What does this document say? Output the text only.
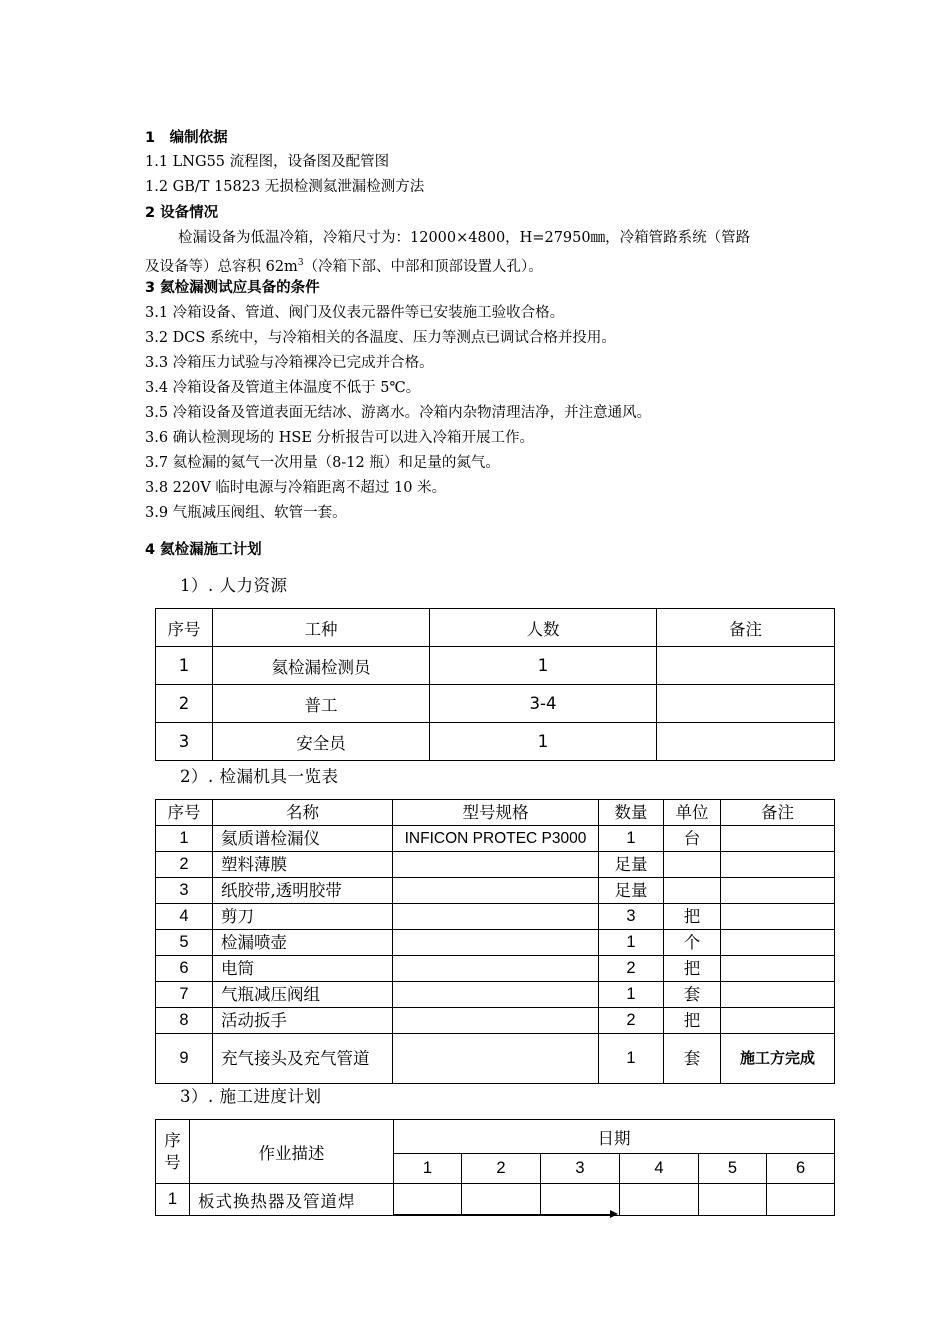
1　编制依据
1.1 LNG55 流程图，设备图及配管图
1.2 GB/T 15823 无损检测氦泄漏检测方法
2 设备情况
检漏设备为低温冷箱，冷箱尺寸为：12000×4800，H=27950㎜，冷箱管路系统（管路
及设备等）总容积 $62m^3$（冷箱下部、中部和顶部设置人孔）。
3 氦检漏测试应具备的条件
3.1 冷箱设备、管道、阀门及仪表元器件等已安装施工验收合格。
3.2 DCS 系统中，与冷箱相关的各温度、压力等测点已调试合格并投用。
3.3 冷箱压力试验与冷箱裸冷已完成并合格。
3.4 冷箱设备及管道主体温度不低于 5℃。
3.5 冷箱设备及管道表面无结冰、游离水。冷箱内杂物清理洁净，并注意通风。
3.6 确认检测现场的 HSE 分析报告可以进入冷箱开展工作。
3.7 氦检漏的氦气一次用量（8-12 瓶）和足量的氮气。
3.8 220V 临时电源与冷箱距离不超过 10 米。
3.9 气瓶减压阀组、软管一套。
4 氦检漏施工计划
1）. 人力资源
序号	工种	人数	备注
1	氦检漏检测员	1	
2	普工	3-4	
3	安全员	1	
2）. 检漏机具一览表
序号	名称	型号规格	数量	单位	备注
1	氦质谱检漏仪	INFICON PROTEC P3000	1	台	
2	塑料薄膜		足量		
3	纸胶带,透明胶带		足量		
4	剪刀		3	把	
5	检漏喷壶		1	个	
6	电筒		2	把	
7	气瓶减压阀组		1	套	
8	活动扳手		2	把	
9	充气接头及充气管道		1	套	施工方完成
3）. 施工进度计划
序号	作业描述	日期					
		1	2	3	4	5	6
1	板式换热器及管道焊						
